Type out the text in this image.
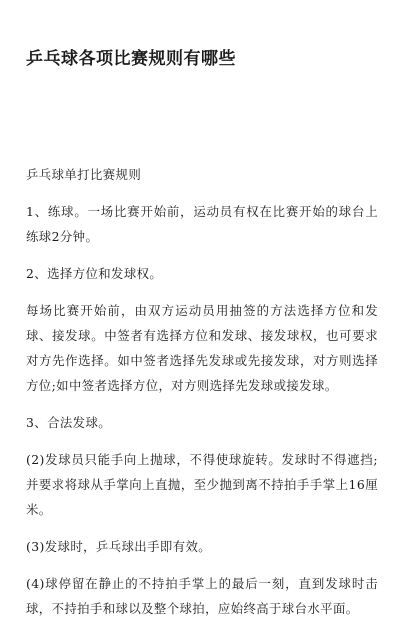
乒乓球各项比赛规则有哪些

乒乓球单打比赛规则

1、练球。一场比赛开始前，运动员有权在比赛开始的球台上练球2分钟。

2、选择方位和发球权。

每场比赛开始前，由双方运动员用抽签的方法选择方位和发球、接发球。中签者有选择方位和发球、接发球权，也可要求对方先作选择。如中签者选择先发球或先接发球，对方则选择方位;如中签者选择方位，对方则选择先发球或接发球。

3、合法发球。

(2)发球员只能手向上抛球，不得使球旋转。发球时不得遮挡;并要求将球从手掌向上直抛，至少抛到离不持拍手手掌上16厘米。

(3)发球时，乒乓球出手即有效。

(4)球停留在静止的不持拍手掌上的最后一刻，直到发球时击球，不持拍手和球以及整个球拍，应始终高于球台水平面。
